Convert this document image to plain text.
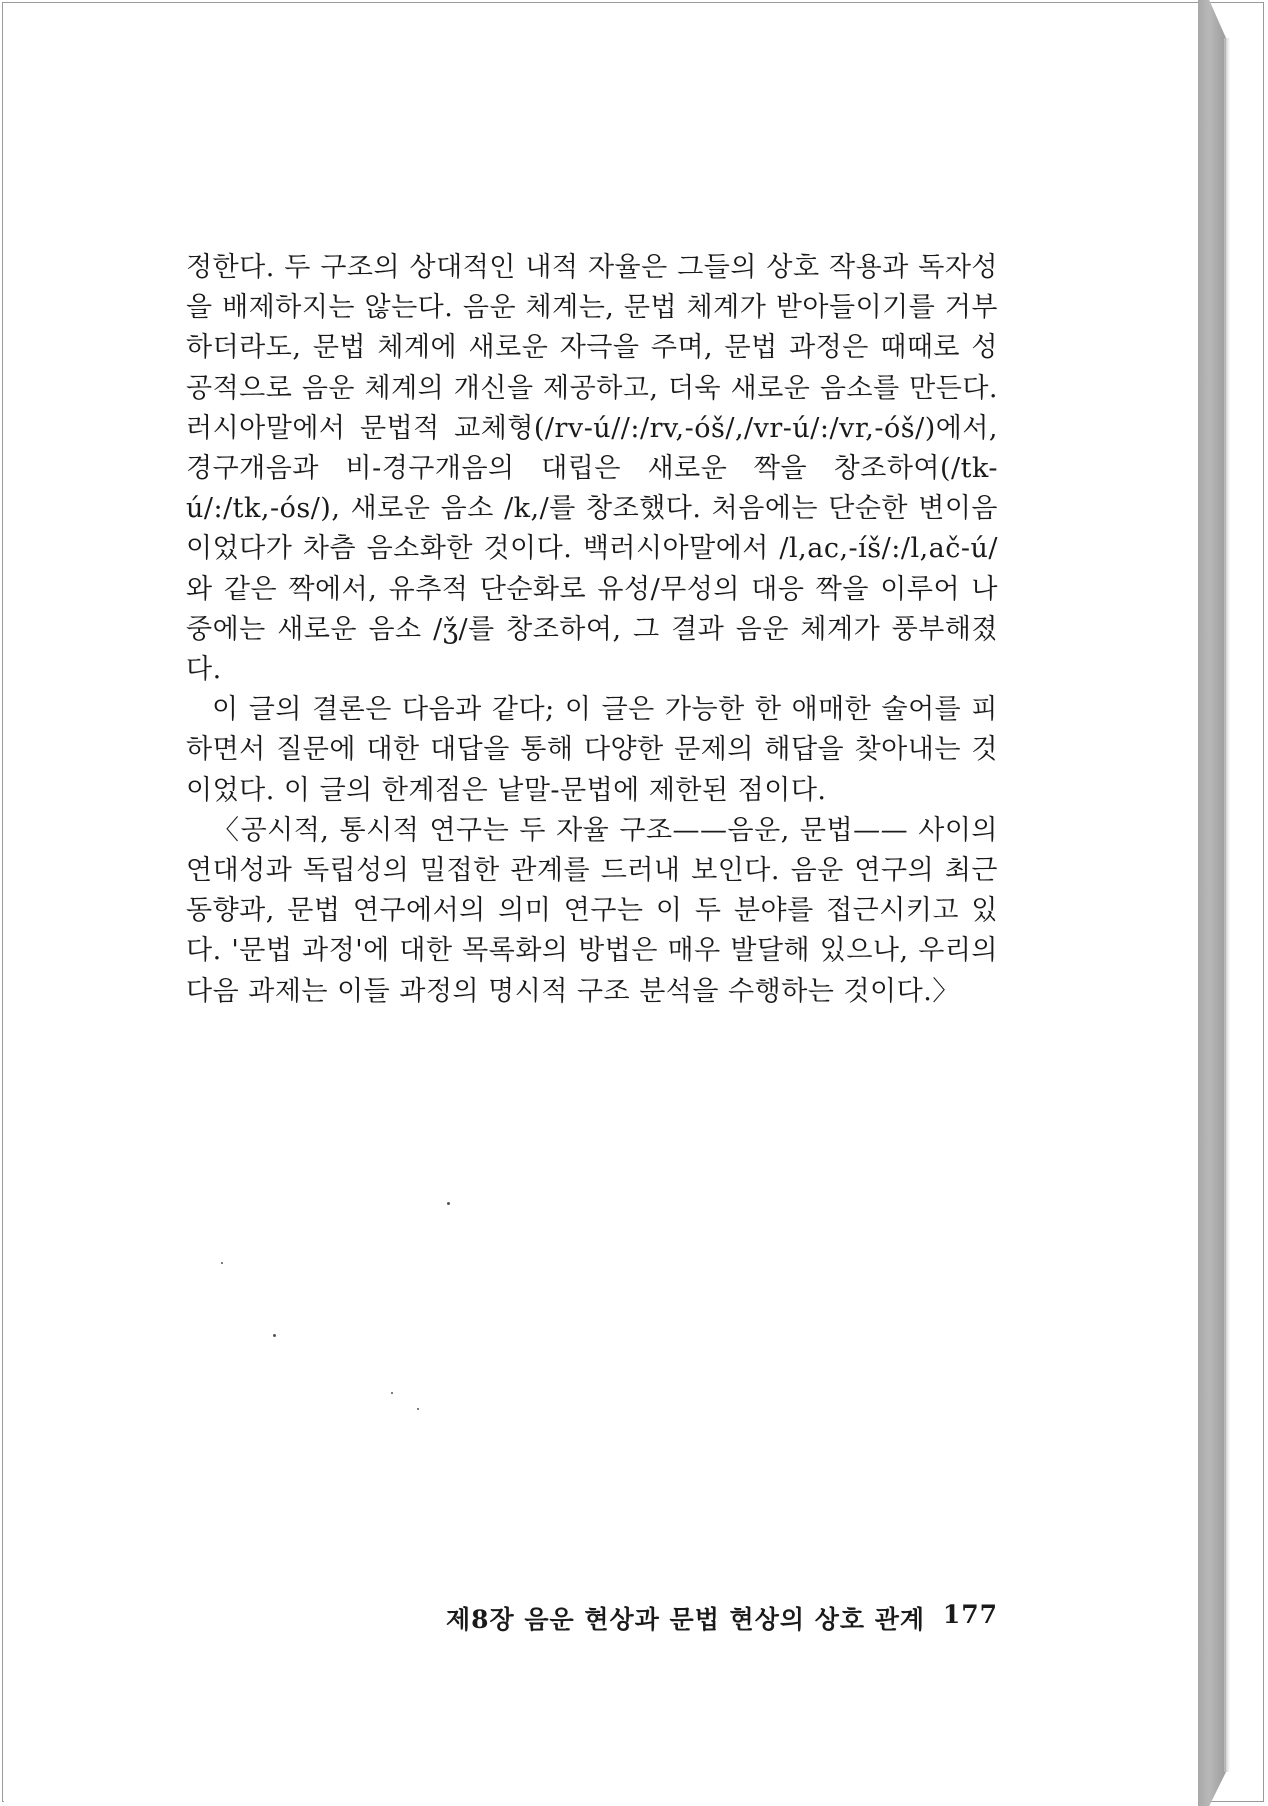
정한다. 두 구조의 상대적인 내적 자율은 그들의 상호 작용과 독자성을 배제하지는 않는다. 음운 체계는, 문법 체계가 받아들이기를 거부하더라도, 문법 체계에 새로운 자극을 주며, 문법 과정은 때때로 성공적으로 음운 체계의 개신을 제공하고, 더욱 새로운 음소를 만든다. 러시아말에서 문법적 교체형(/rv-ú//:/rv,-óš/,/vr-ú/:/vr,-óš/)에서, 경구개음과 비-경구개음의 대립은 새로운 짝을 창조하여(/tk-ú/:/tk,-ós/), 새로운 음소 /k,/를 창조했다. 처음에는 단순한 변이음이었다가 차츰 음소화한 것이다. 백러시아말에서 /l,ac,-íš/:/l,ač-ú/와 같은 짝에서, 유추적 단순화로 유성/무성의 대응 짝을 이루어 나중에는 새로운 음소 /ǯ/를 창조하여, 그 결과 음운 체계가 풍부해졌다.

이 글의 결론은 다음과 같다; 이 글은 가능한 한 애매한 술어를 피하면서 질문에 대한 대답을 통해 다양한 문제의 해답을 찾아내는 것이었다. 이 글의 한계점은 낱말-문법에 제한된 점이다.

〈공시적, 통시적 연구는 두 자율 구조——음운, 문법—— 사이의 연대성과 독립성의 밀접한 관계를 드러내 보인다. 음운 연구의 최근 동향과, 문법 연구에서의 의미 연구는 이 두 분야를 접근시키고 있다. '문법 과정'에 대한 목록화의 방법은 매우 발달해 있으나, 우리의 다음 과제는 이들 과정의 명시적 구조 분석을 수행하는 것이다.〉

제8장 음운 현상과 문법 현상의 상호 관계 177
